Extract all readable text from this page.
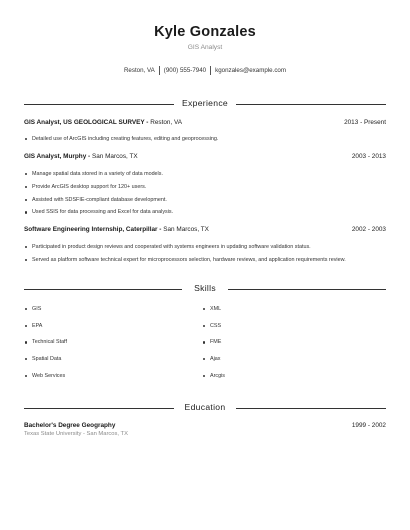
Kyle Gonzales
GIS Analyst
Reston, VA (900) 555-7940 kgonzales@example.com
Experience
GIS Analyst, US GEOLOGICAL SURVEY - Reston, VA	2013 - Present
Detailed use of ArcGIS including creating features, editing and geoprocessing.
GIS Analyst, Murphy - San Marcos, TX	2003 - 2013
Manage spatial data stored in a variety of data models.
Provide ArcGIS desktop support for 120+ users.
Assisted with SDSFIE-compliant database development.
Used SSIS for data processing and Excel for data analysis.
Software Engineering Internship, Caterpillar - San Marcos, TX	2002 - 2003
Participated in product design reviews and cooperated with systems engineers in updating software validation status.
Served as platform software technical expert for microprocessors selection, hardware reviews, and application requirements review.
Skills
GIS
EPA
Technical Staff
Spatial Data
Web Services
XML
CSS
FME
Ajax
Arcgis
Education
Bachelor's Degree Geography	1999 - 2002
Texas State University - San Marcos, TX
